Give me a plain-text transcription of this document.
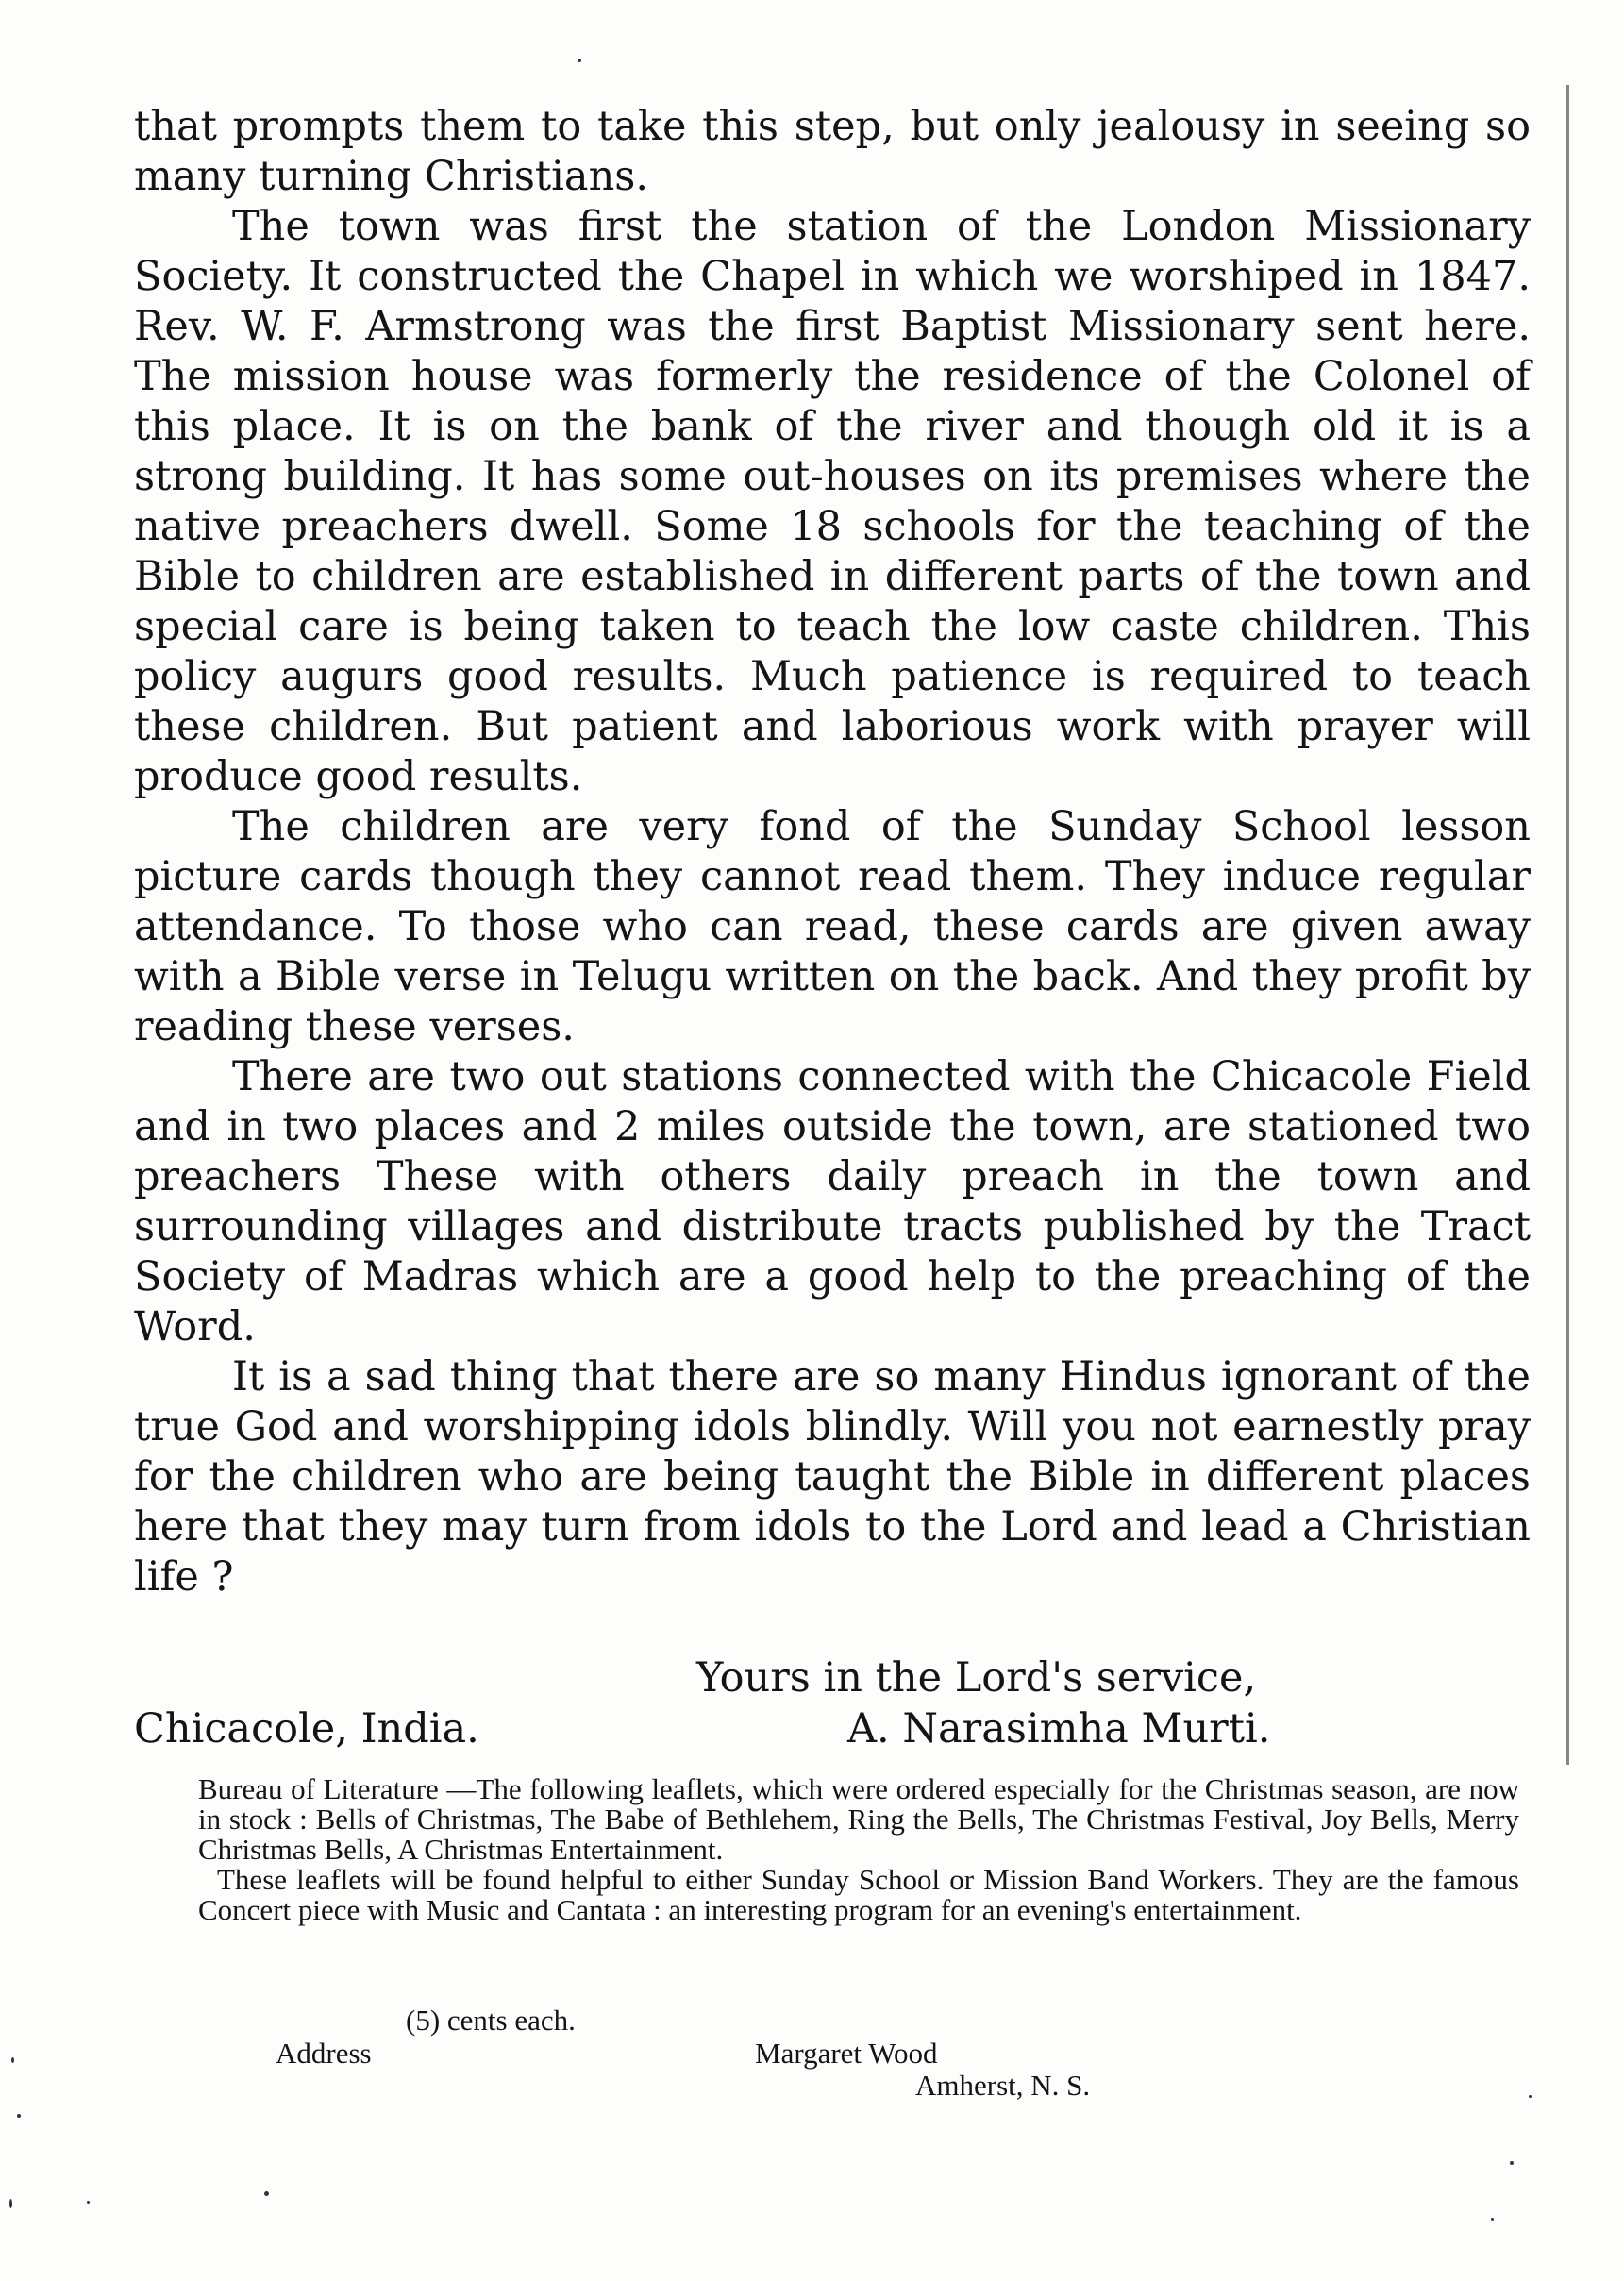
that prompts them to take this step, but only jealousy in seeing so many turning Christians.

The town was first the station of the London Missionary Society. It constructed the Chapel in which we worshiped in 1847. Rev. W. F. Armstrong was the first Baptist Missionary sent here. The mission house was formerly the residence of the Colonel of this place. It is on the bank of the river and though old it is a strong building. It has some out-houses on its premises where the native preachers dwell. Some 18 schools for the teaching of the Bible to children are established in different parts of the town and special care is being taken to teach the low caste children. This policy augurs good results. Much patience is required to teach these children. But patient and laborious work with prayer will produce good results.

The children are very fond of the Sunday School lesson picture cards though they cannot read them. They induce regular attendance. To those who can read, these cards are given away with a Bible verse in Telugu written on the back. And they profit by reading these verses.

There are two out stations connected with the Chicacole Field and in two places and 2 miles outside the town, are stationed two preachers These with others daily preach in the town and surrounding villages and distribute tracts published by the Tract Society of Madras which are a good help to the preaching of the Word.

It is a sad thing that there are so many Hindus ignorant of the true God and worshipping idols blindly. Will you not earnestly pray for the children who are being taught the Bible in different places here that they may turn from idols to the Lord and lead a Christian life ?

Yours in the Lord's service,
Chicacole, India.	A. Narasimha Murti.

Bureau of Literature —The following leaflets, which were ordered especially for the Christmas season, are now in stock : Bells of Christmas, The Babe of Bethlehem, Ring the Bells, The Christmas Festival, Joy Bells, Merry Christmas Bells, A Christmas Entertainment.

These leaflets will be found helpful to either Sunday School or Mission Band Workers. They are the famous Concert piece with Music and Cantata : an interesting program for an evening's entertainment.

(5) cents each.
Address	Margaret Wood
Amherst, N. S.
